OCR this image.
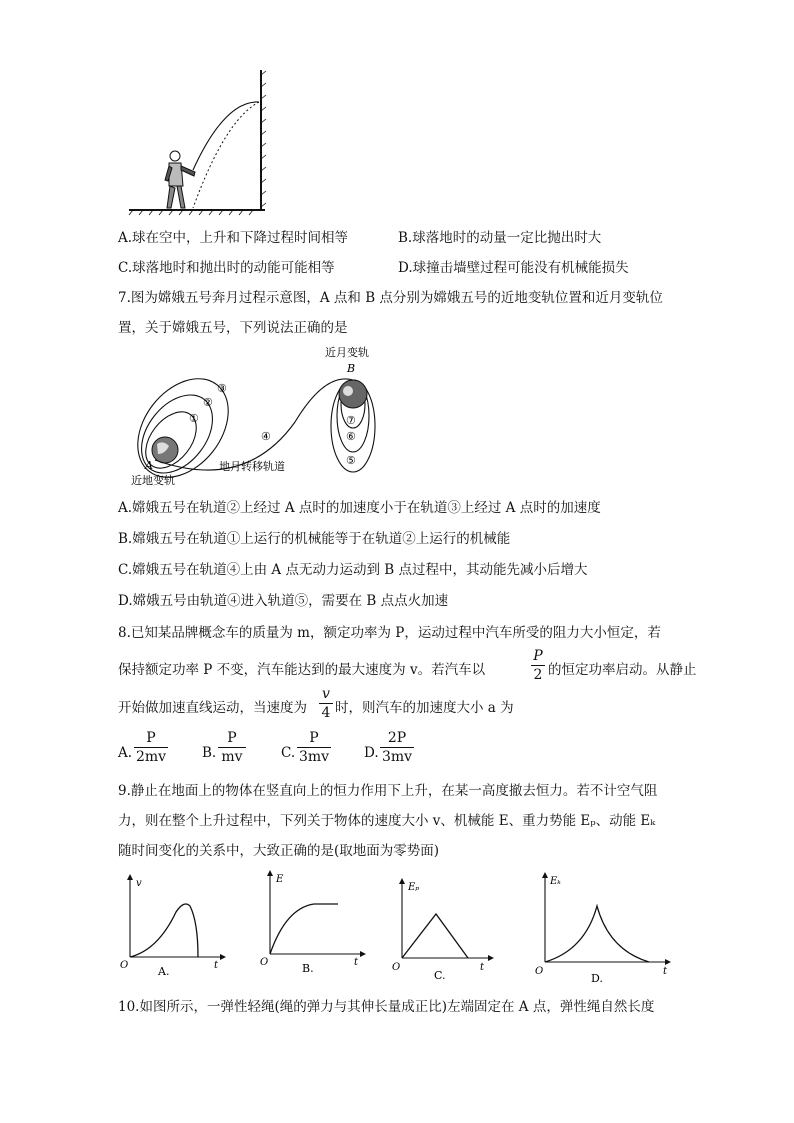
A.球在空中，上升和下降过程时间相等	B.球落地时的动量一定比抛出时大
C.球落地时和抛出时的动能可能相等	D.球撞击墙壁过程可能没有机械能损失
7.图为嫦娥五号奔月过程示意图，A 点和 B 点分别为嫦娥五号的近地变轨位置和近月变轨位
置，关于嫦娥五号，下列说法正确的是
近月变轨
B
A
近地变轨
地月转移轨道
①
②
③
④
⑤
⑥
⑦
A.嫦娥五号在轨道②上经过 A 点时的加速度小于在轨道③上经过 A 点时的加速度
B.嫦娥五号在轨道①上运行的机械能等于在轨道②上运行的机械能
C.嫦娥五号在轨道④上由 A 点无动力运动到 B 点过程中，其动能先减小后增大
D.嫦娥五号由轨道④进入轨道⑤，需要在 B 点点火加速
8.已知某品牌概念车的质量为 m，额定功率为 P，运动过程中汽车所受的阻力大小恒定，若
保持额定功率 P 不变，汽车能达到的最大速度为 v。若汽车以
P
2 的恒定功率启动。从静止
开始做加速直线运动，当速度为
v
4 时，则汽车的加速度大小 a 为
A.
P
2mv	B.
P
mv	C.
P
3mv	D.
2P
3mv
9.静止在地面上的物体在竖直向上的恒力作用下上升，在某一高度撤去恒力。若不计空气阻
力，则在整个上升过程中，下列关于物体的速度大小 v、机械能 E、重力势能 Eₚ、动能 Eₖ
随时间变化的关系中，大致正确的是(取地面为零势面)
v
t
O	A.
E
t
O	B.
Eₚ
t
O
C.
Eₖ
t
O
D.
10.如图所示，一弹性轻绳(绳的弹力与其伸长量成正比)左端固定在 A 点，弹性绳自然长度
